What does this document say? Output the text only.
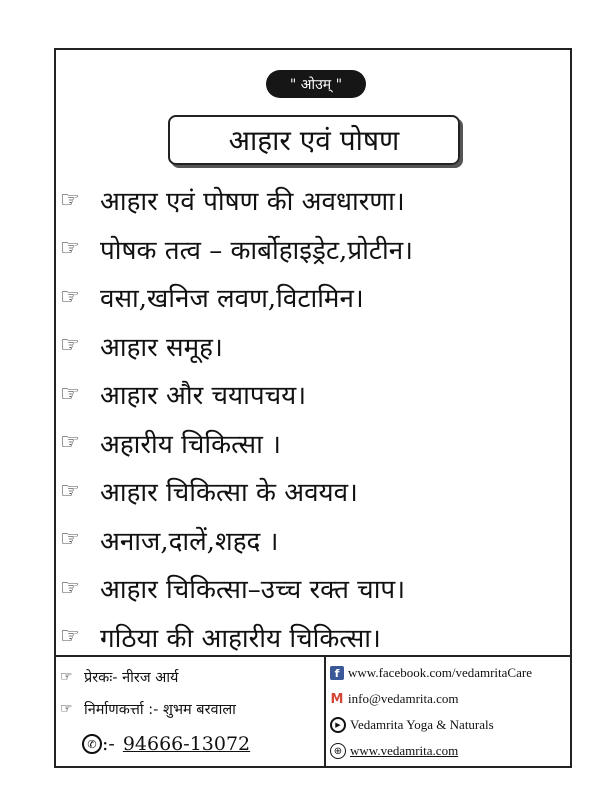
" ओउम् "
आहार एवं पोषण
☞ आहार एवं पोषण की अवधारणा।
☞ पोषक तत्व – कार्बोहाइड्रेट,प्रोटीन।
☞ वसा,खनिज लवण,विटामिन।
☞ आहार समूह।
☞ आहार और चयापचय।
☞ अहारीय चिकित्सा ।
☞ आहार चिकित्सा के अवयव।
☞ अनाज,दालें,शहद ।
☞ आहार चिकित्सा–उच्च रक्त चाप।
☞ गठिया की आहारीय चिकित्सा।
☞ प्रेरकः- नीरज आर्य
☞ निर्माणकर्त्ता :- शुभम बरवाला
✆ :- 94666-13072
f www.facebook.com/vedamritaCare
M info@vedamrita.com
▶ Vedamrita Yoga & Naturals
⊕ www.vedamrita.com
